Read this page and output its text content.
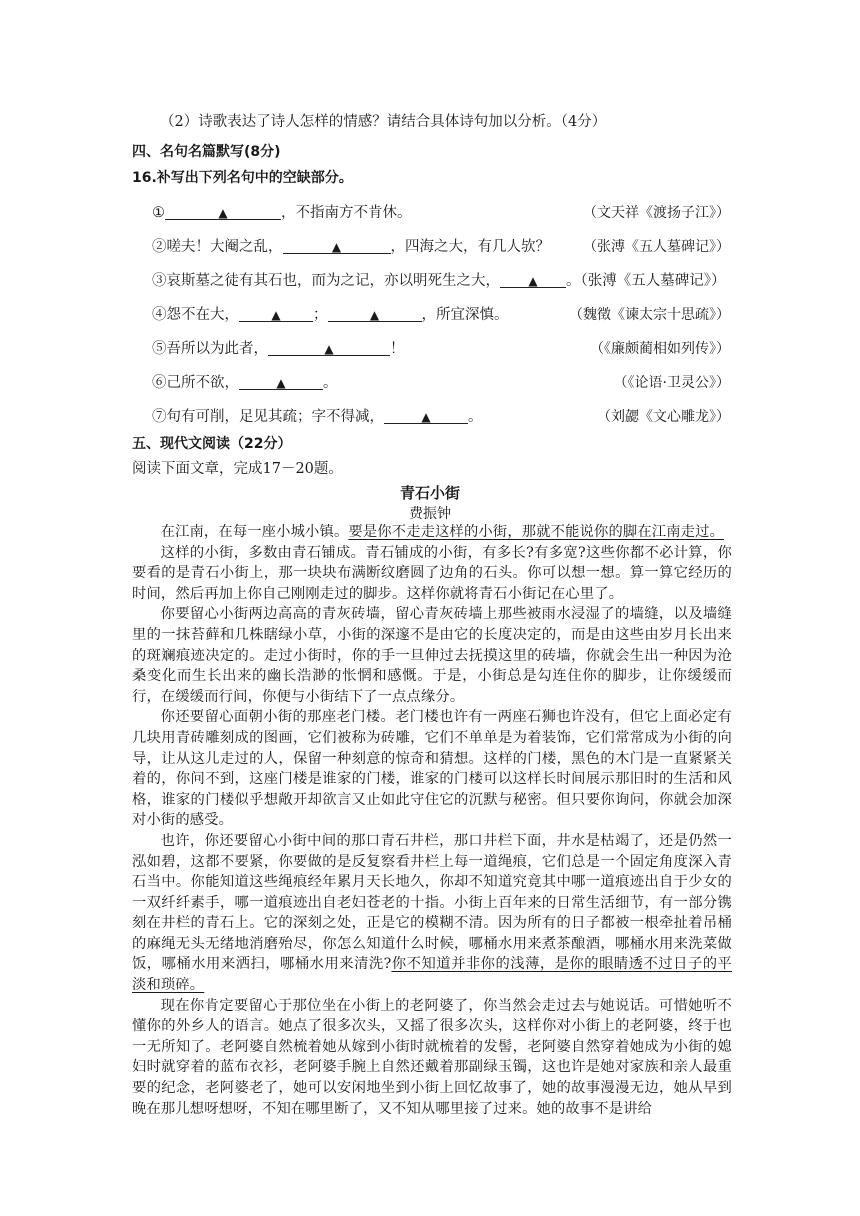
（2）诗歌表达了诗人怎样的情感？请结合具体诗句加以分析。（4分）
四、名句名篇默写(8分)
16.补写出下列名句中的空缺部分。
①	▲	，不指南方不肯休。	（文天祥《渡扬子江》）
②嗟夫！大阉之乱，	▲	，四海之大，有几人欤？ （张溥《五人墓碑记》）
③哀斯墓之徒有其石也，而为之记，亦以明死生之大， ▲ 。（张溥《五人墓碑记》）
④怨不在大，	▲ ；	▲	，所宜深慎。	（魏徵《谏太宗十思疏》）
⑤吾所以为此者，	▲	！	（《廉颇蔺相如列传》）
⑥己所不欲，	▲	。	（《论语·卫灵公》）
⑦句有可削，足见其疏；字不得减，	▲	。	（刘勰《文心雕龙》）
五、现代文阅读（22分）
阅读下面文章，完成17－20题。
青石小街
费振钟

在江南，在每一座小城小镇。要是你不走走这样的小街，那就不能说你的脚在江南走过。

这样的小街，多数由青石铺成。青石铺成的小街，有多长?有多宽?这些你都不必计算，你要看的是青石小街上，那一块块布满断纹磨圆了边角的石头。你可以想一想。算一算它经历的时间，然后再加上你自己刚刚走过的脚步。这样你就将青石小街记在心里了。

你要留心小街两边高高的青灰砖墙，留心青灰砖墙上那些被雨水浸湿了的墙缝，以及墙缝里的一抹苔藓和几株瞎绿小草，小街的深邃不是由它的长度决定的，而是由这些由岁月长出来的斑斓痕迹决定的。走过小街时，你的手一旦伸过去抚摸这里的砖墙，你就会生出一种因为沧桑变化而生长出来的幽长浩渺的怅惘和感慨。于是，小街总是勾连住你的脚步，让你缓缓而行，在缓缓而行间，你便与小街结下了一点点缘分。

你还要留心面朝小街的那座老门楼。老门楼也许有一两座石狮也许没有，但它上面必定有几块用青砖雕刻成的图画，它们被称为砖雕，它们不单单是为着装饰，它们常常成为小街的向导，让从这儿走过的人，保留一种刻意的惊奇和猜想。这样的门楼，黑色的木门是一直紧紧关着的，你问不到，这座门楼是谁家的门楼，谁家的门楼可以这样长时间展示那旧时的生活和风格，谁家的门楼似乎想敞开却欲言又止如此守住它的沉默与秘密。但只要你询问，你就会加深对小街的感受。

也许，你还要留心小街中间的那口青石井栏，那口井栏下面，井水是枯竭了，还是仍然一泓如碧，这都不要紧，你要做的是反复察看井栏上每一道绳痕，它们总是一个固定角度深入青石当中。你能知道这些绳痕经年累月天长地久，你却不知道究竟其中哪一道痕迹出自于少女的一双纤纤素手，哪一道痕迹出自老妇苍老的十指。小街上百年来的日常生活细节，有一部分镌刻在井栏的青石上。它的深刻之处，正是它的模糊不清。因为所有的日子都被一根牵扯着吊桶的麻绳无头无绪地消磨殆尽，你怎么知道什么时候，哪桶水用来煮茶酿酒，哪桶水用来洗菜做饭，哪桶水用来洒扫，哪桶水用来清洗?你不知道并非你的浅薄，是你的眼睛透不过日子的平淡和琐碎。

现在你肯定要留心于那位坐在小街上的老阿婆了，你当然会走过去与她说话。可惜她听不懂你的外乡人的语言。她点了很多次头，又摇了很多次头，这样你对小街上的老阿婆，终于也一无所知了。老阿婆自然梳着她从嫁到小街时就梳着的发髻，老阿婆自然穿着她成为小街的媳妇时就穿着的蓝布衣衫，老阿婆手腕上自然还戴着那副绿玉镯，这也许是她对家族和亲人最重要的纪念，老阿婆老了，她可以安闲地坐到小街上回忆故事了，她的故事漫漫无边，她从早到晚在那儿想呀想呀，不知在哪里断了，又不知从哪里接了过来。她的故事不是讲给
